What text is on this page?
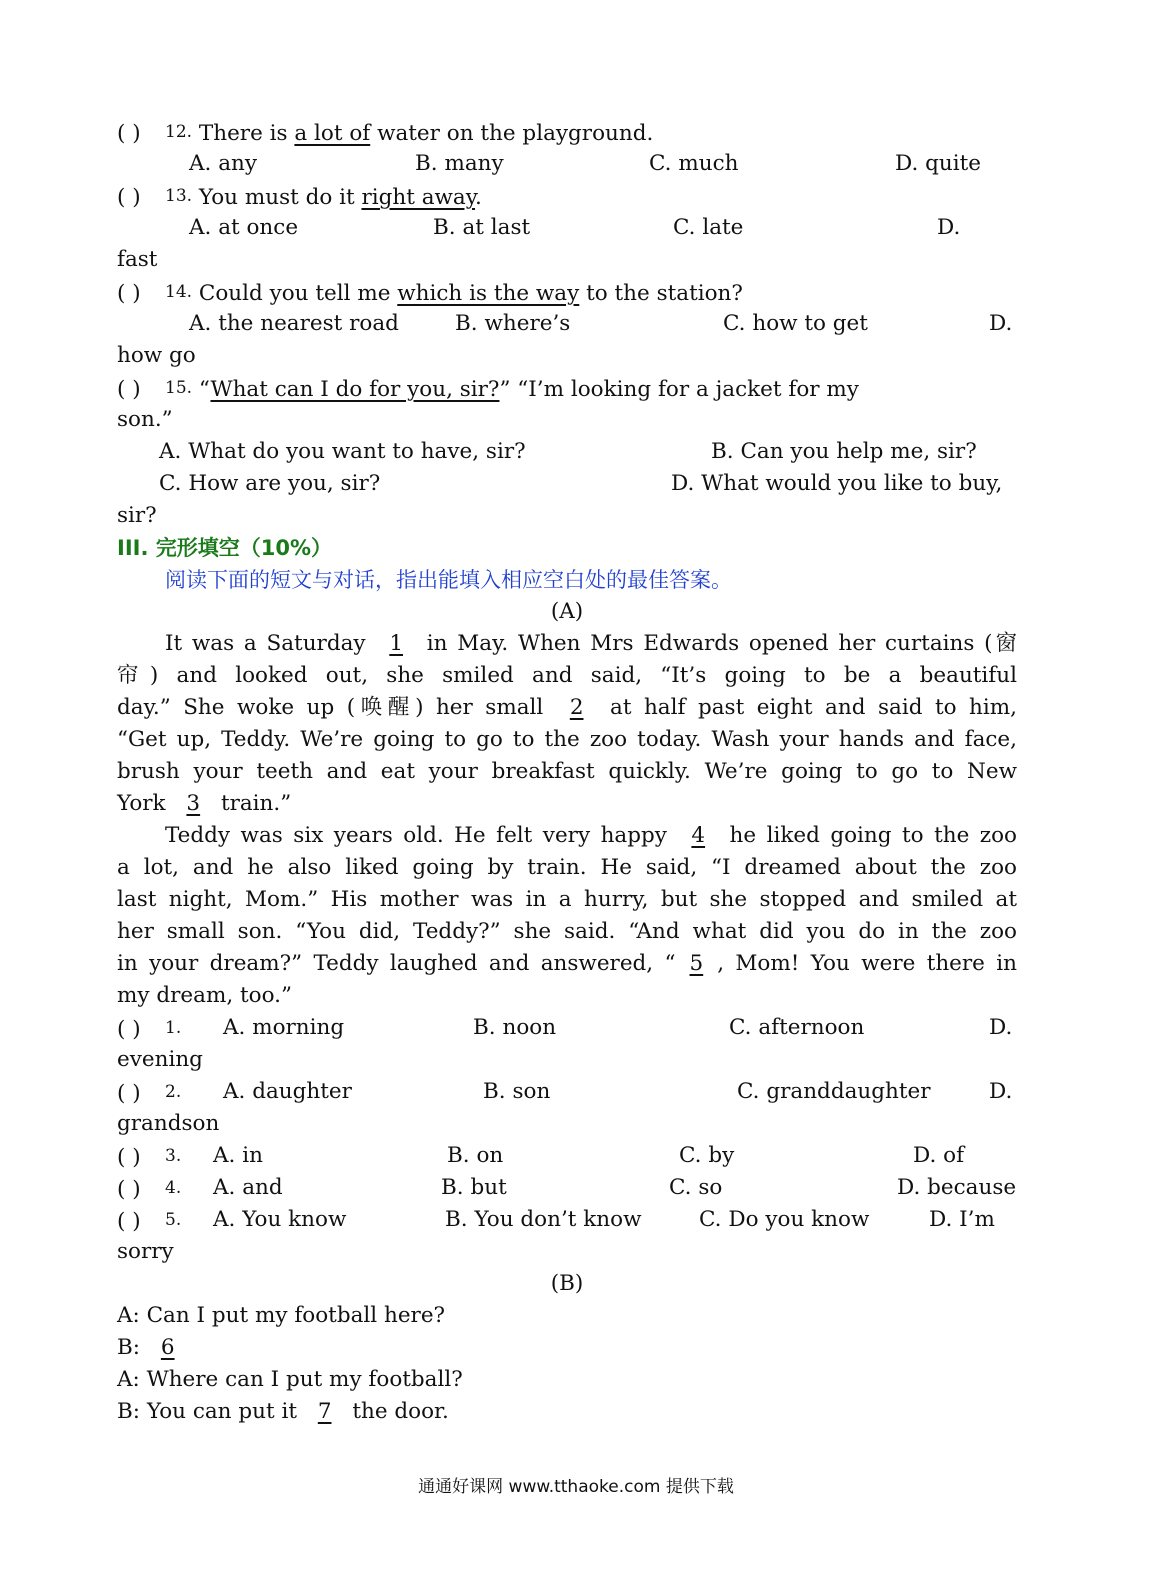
( ) 12. There is a lot of water on the playground.
A. any	B. many	C. much	D. quite
( ) 13. You must do it right away.
A. at once	B. at last	C. late	D.
fast
( ) 14. Could you tell me which is the way to the station?
A. the nearest road	B. where’s	C. how to get	D.
how go
( ) 15. “What can I do for you, sir?” “I’m looking for a jacket for my
son.”
A. What do you want to have, sir?	B. Can you help me, sir?
C. How are you, sir?	D. What would you like to buy,
sir?
III. 完形填空（10%）
阅读下面的短文与对话，指出能填入相应空白处的最佳答案。
(A)
It was a Saturday 1 in May. When Mrs Edwards opened her curtains (窗
帘) and looked out, she smiled and said, “It’s going to be a beautiful
day.” She woke up (唤醒) her small 2 at half past eight and said to him,
“Get up, Teddy. We’re going to go to the zoo today. Wash your hands and face,
brush your teeth and eat your breakfast quickly. We’re going to go to New
York 3 train.”
Teddy was six years old. He felt very happy 4 he liked going to the zoo
a lot, and he also liked going by train. He said, “I dreamed about the zoo
last night, Mom.” His mother was in a hurry, but she stopped and smiled at
her small son. “You did, Teddy?” she said. “And what did you do in the zoo
in your dream?” Teddy laughed and answered, “ 5 , Mom! You were there in
my dream, too.”
( ) 1. A. morning	B. noon	C. afternoon	D.
evening
( ) 2. A. daughter	B. son	C. granddaughter	D.
grandson
( ) 3. A. in	B. on	C. by	D. of
( ) 4. A. and	B. but	C. so	D. because
( ) 5. A. You know	B. You don’t know	C. Do you know	D. I’m
sorry
(B)
A: Can I put my football here?
B: 6
A: Where can I put my football?
B: You can put it 7 the door.
通通好课网 www.tthaoke.com 提供下载
